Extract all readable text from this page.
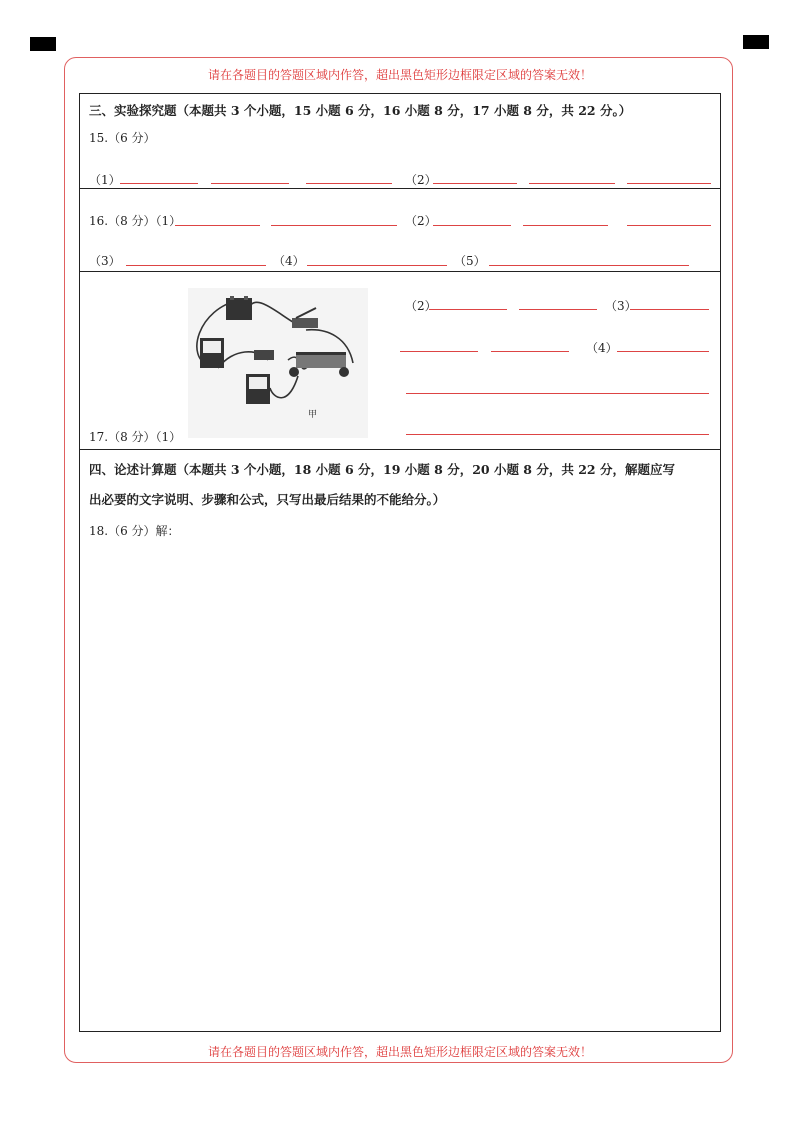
请在各题目的答题区域内作答，超出黑色矩形边框限定区域的答案无效！
请在各题目的答题区域内作答，超出黑色矩形边框限定区域的答案无效！
三、实验探究题（本题共 3 个小题，15 小题 6 分，16 小题 8 分，17 小题 8 分，共 22 分。）
15.（6 分）
（1）	（2）
16.（8 分）（1）	（2）
（3）	（4）	（5）
甲
17.（8 分）（1）
（2）	（3）
（4）
四、论述计算题（本题共 3 个小题，18 小题 6 分，19 小题 8 分，20 小题 8 分，共 22 分，解题应写
出必要的文字说明、步骤和公式，只写出最后结果的不能给分。）
18.（6 分）解：
